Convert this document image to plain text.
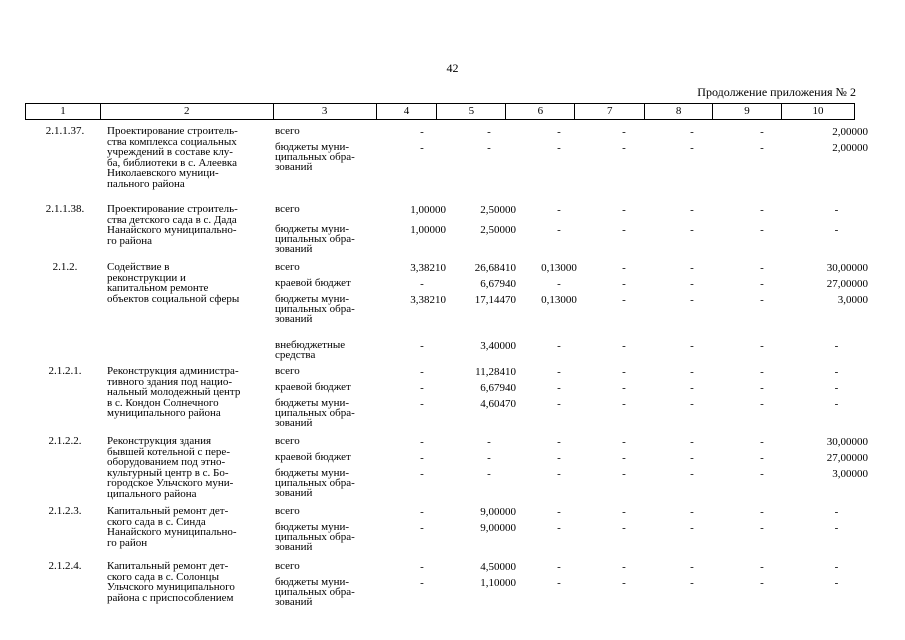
42
Продолжение приложения № 2
1	2	3	4	5	6	7	8	9	10
2.1.1.37.	Проектирование строитель-
ства комплекса социальных
учреждений в составе клу-
ба, библиотеки в с. Алеевка
Николаевского муници-
пального района
всего	-	-	-	-	-	-	2,00000
бюджеты муни-
ципальных обра-
зований
-	-	-	-	-	-	2,00000
2.1.1.38.	Проектирование строитель-
ства детского сада в с. Дада
Нанайского муниципально-
го района
всего	1,00000	2,50000	-	-	-	-	-
бюджеты муни-
ципальных обра-
зований
1,00000	2,50000	-	-	-	-	-
2.1.2.	Содействие в
реконструкции и
капитальном ремонте
объектов социальной сферы
всего	3,38210	26,68410	0,13000	-	-	-	30,00000
краевой бюджет	-	6,67940	-	-	-	-	27,00000
бюджеты муни-
ципальных обра-
зований
3,38210	17,14470	0,13000	-	-	-	3,0000
внебюджетные
средства
-	3,40000	-	-	-	-	-
2.1.2.1.	Реконструкция администра-
тивного здания под нацио-
нальный молодежный центр
в с. Кондон Солнечного
муниципального района
всего	-	11,28410	-	-	-	-	-
краевой бюджет	-	6,67940	-	-	-	-	-
бюджеты муни-
ципальных обра-
зований
-	4,60470	-	-	-	-	-
2.1.2.2.	Реконструкция здания
бывшей котельной с пере-
оборудованием под этно-
культурный центр в с. Бо-
городское Ульчского муни-
ципального района
всего	-	-	-	-	-	-	30,00000
краевой бюджет	-	-	-	-	-	-	27,00000
бюджеты муни-
ципальных обра-
зований
-	-	-	-	-	-	3,00000
2.1.2.3.	Капитальный ремонт дет-
ского сада в с. Синда
Нанайского муниципально-
го район
всего	-	9,00000	-	-	-	-	-
бюджеты муни-
ципальных обра-
зований
-	9,00000	-	-	-	-	-
2.1.2.4.	Капитальный ремонт дет-
ского сада в с. Солонцы
Ульчского муниципального
района с приспособлением
всего	-	4,50000	-	-	-	-	-
бюджеты муни-
ципальных обра-
зований
-	1,10000	-	-	-	-	-
